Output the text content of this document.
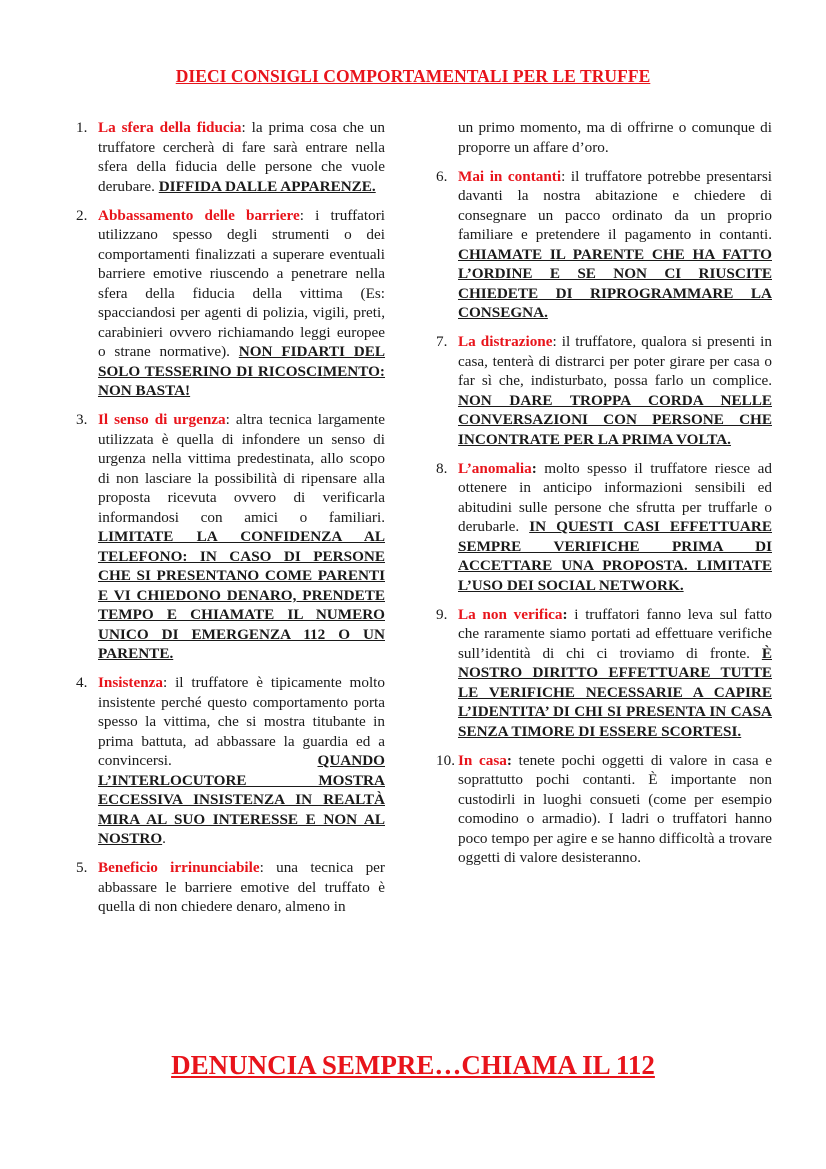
DIECI CONSIGLI COMPORTAMENTALI PER LE TRUFFE
1. La sfera della fiducia: la prima cosa che un truffatore cercherà di fare sarà entrare nella sfera della fiducia delle persone che vuole derubare. DIFFIDA DALLE APPARENZE.
2. Abbassamento delle barriere: i truffatori utilizzano spesso degli strumenti o dei comportamenti finalizzati a superare eventuali barriere emotive riuscendo a penetrare nella sfera della fiducia della vittima (Es: spacciandosi per agenti di polizia, vigili, preti, carabinieri ovvero richiamando leggi europee o strane normative). NON FIDARTI DEL SOLO TESSERINO DI RICOSCIMENTO: NON BASTA!
3. Il senso di urgenza: altra tecnica largamente utilizzata è quella di infondere un senso di urgenza nella vittima predestinata, allo scopo di non lasciare la possibilità di ripensare alla proposta ricevuta ovvero di verificarla informandosi con amici o familiari. LIMITATE LA CONFIDENZA AL TELEFONO: IN CASO DI PERSONE CHE SI PRESENTANO COME PARENTI E VI CHIEDONO DENARO, PRENDETE TEMPO E CHIAMATE IL NUMERO UNICO DI EMERGENZA 112 O UN PARENTE.
4. Insistenza: il truffatore è tipicamente molto insistente perché questo comportamento porta spesso la vittima, che si mostra titubante in prima battuta, ad abbassare la guardia ed a convincersi. QUANDO L’INTERLOCUTORE MOSTRA ECCESSIVA INSISTENZA IN REALTÀ MIRA AL SUO INTERESSE E NON AL NOSTRO.
5. Beneficio irrinunciabile: una tecnica per abbassare le barriere emotive del truffato è quella di non chiedere denaro, almeno in
un primo momento, ma di offrirne o comunque di proporre un affare d’oro.
6. Mai in contanti: il truffatore potrebbe presentarsi davanti la nostra abitazione e chiedere di consegnare un pacco ordinato da un proprio familiare e pretendere il pagamento in contanti. CHIAMATE IL PARENTE CHE HA FATTO L’ORDINE E SE NON CI RIUSCITE CHIEDETE DI RIPROGRAMMARE LA CONSEGNA.
7. La distrazione: il truffatore, qualora si presenti in casa, tenterà di distrarci per poter girare per casa o far sì che, indisturbato, possa farlo un complice. NON DARE TROPPA CORDA NELLE CONVERSAZIONI CON PERSONE CHE INCONTRATE PER LA PRIMA VOLTA.
8. L’anomalia: molto spesso il truffatore riesce ad ottenere in anticipo informazioni sensibili ed abitudini sulle persone che sfrutta per truffarle o derubarle. IN QUESTI CASI EFFETTUARE SEMPRE VERIFICHE PRIMA DI ACCETTARE UNA PROPOSTA. LIMITATE L’USO DEI SOCIAL NETWORK.
9. La non verifica: i truffatori fanno leva sul fatto che raramente siamo portati ad effettuare verifiche sull’identità di chi ci troviamo di fronte. È NOSTRO DIRITTO EFFETTUARE TUTTE LE VERIFICHE NECESSARIE A CAPIRE L’IDENTITA’ DI CHI SI PRESENTA IN CASA SENZA TIMORE DI ESSERE SCORTESI.
10. In casa: tenete pochi oggetti di valore in casa e soprattutto pochi contanti. È importante non custodirli in luoghi consueti (come per esempio comodino o armadio). I ladri o truffatori hanno poco tempo per agire e se hanno difficoltà a trovare oggetti di valore desisteranno.
DENUNCIA SEMPRE…CHIAMA IL 112
